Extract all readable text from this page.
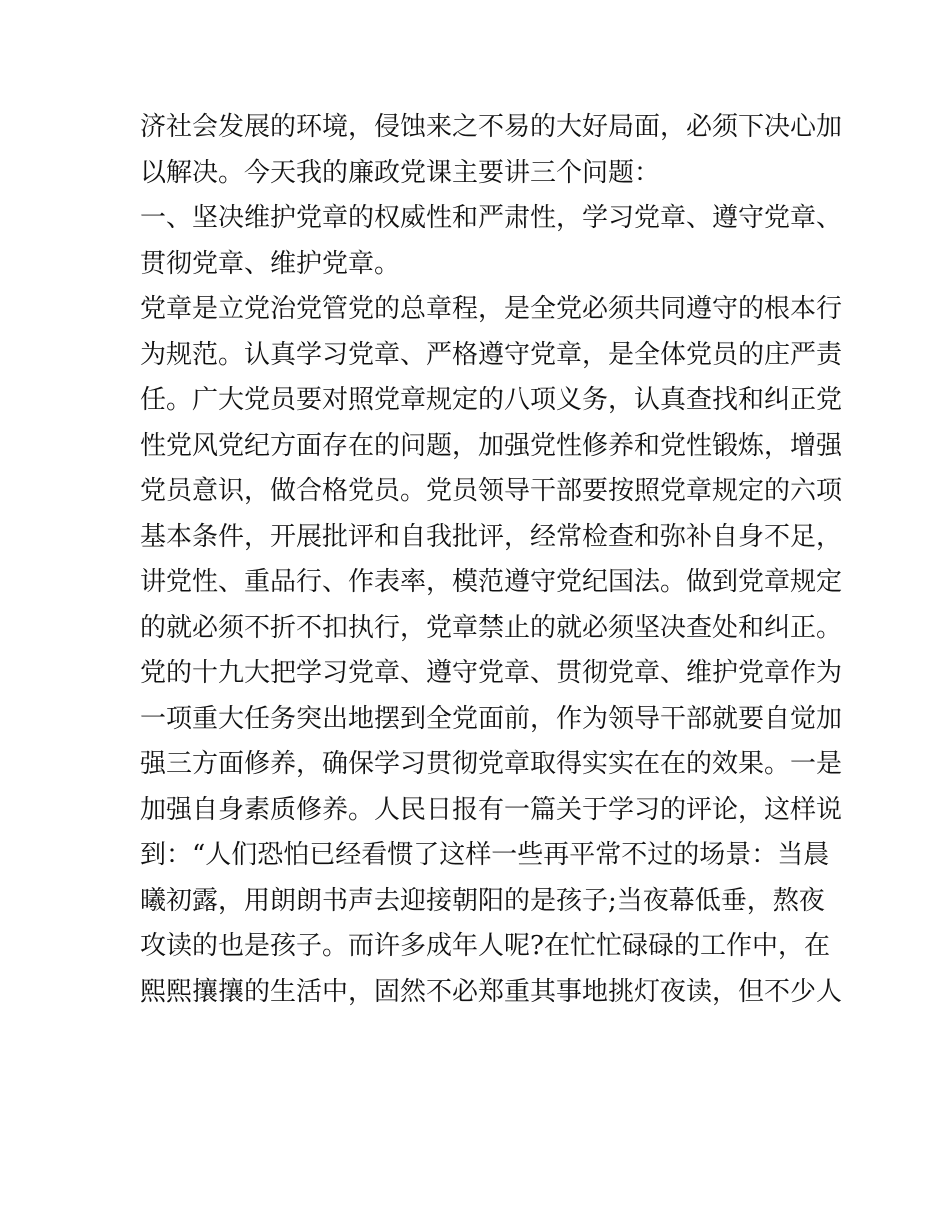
济社会发展的环境，侵蚀来之不易的大好局面，必须下决心加

以解决。今天我的廉政党课主要讲三个问题：

一、坚决维护党章的权威性和严肃性，学习党章、遵守党章、

贯彻党章、维护党章。

党章是立党治党管党的总章程，是全党必须共同遵守的根本行

为规范。认真学习党章、严格遵守党章，是全体党员的庄严责

任。广大党员要对照党章规定的八项义务，认真查找和纠正党

性党风党纪方面存在的问题，加强党性修养和党性锻炼，增强

党员意识，做合格党员。党员领导干部要按照党章规定的六项

基本条件，开展批评和自我批评，经常检查和弥补自身不足，

讲党性、重品行、作表率，模范遵守党纪国法。做到党章规定

的就必须不折不扣执行，党章禁止的就必须坚决查处和纠正。

党的十九大把学习党章、遵守党章、贯彻党章、维护党章作为

一项重大任务突出地摆到全党面前，作为领导干部就要自觉加

强三方面修养，确保学习贯彻党章取得实实在在的效果。一是

加强自身素质修养。人民日报有一篇关于学习的评论，这样说

到：“人们恐怕已经看惯了这样一些再平常不过的场景：当晨

曦初露，用朗朗书声去迎接朝阳的是孩子;当夜幕低垂，熬夜

攻读的也是孩子。而许多成年人呢?在忙忙碌碌的工作中，在

熙熙攘攘的生活中，固然不必郑重其事地挑灯夜读，但不少人
